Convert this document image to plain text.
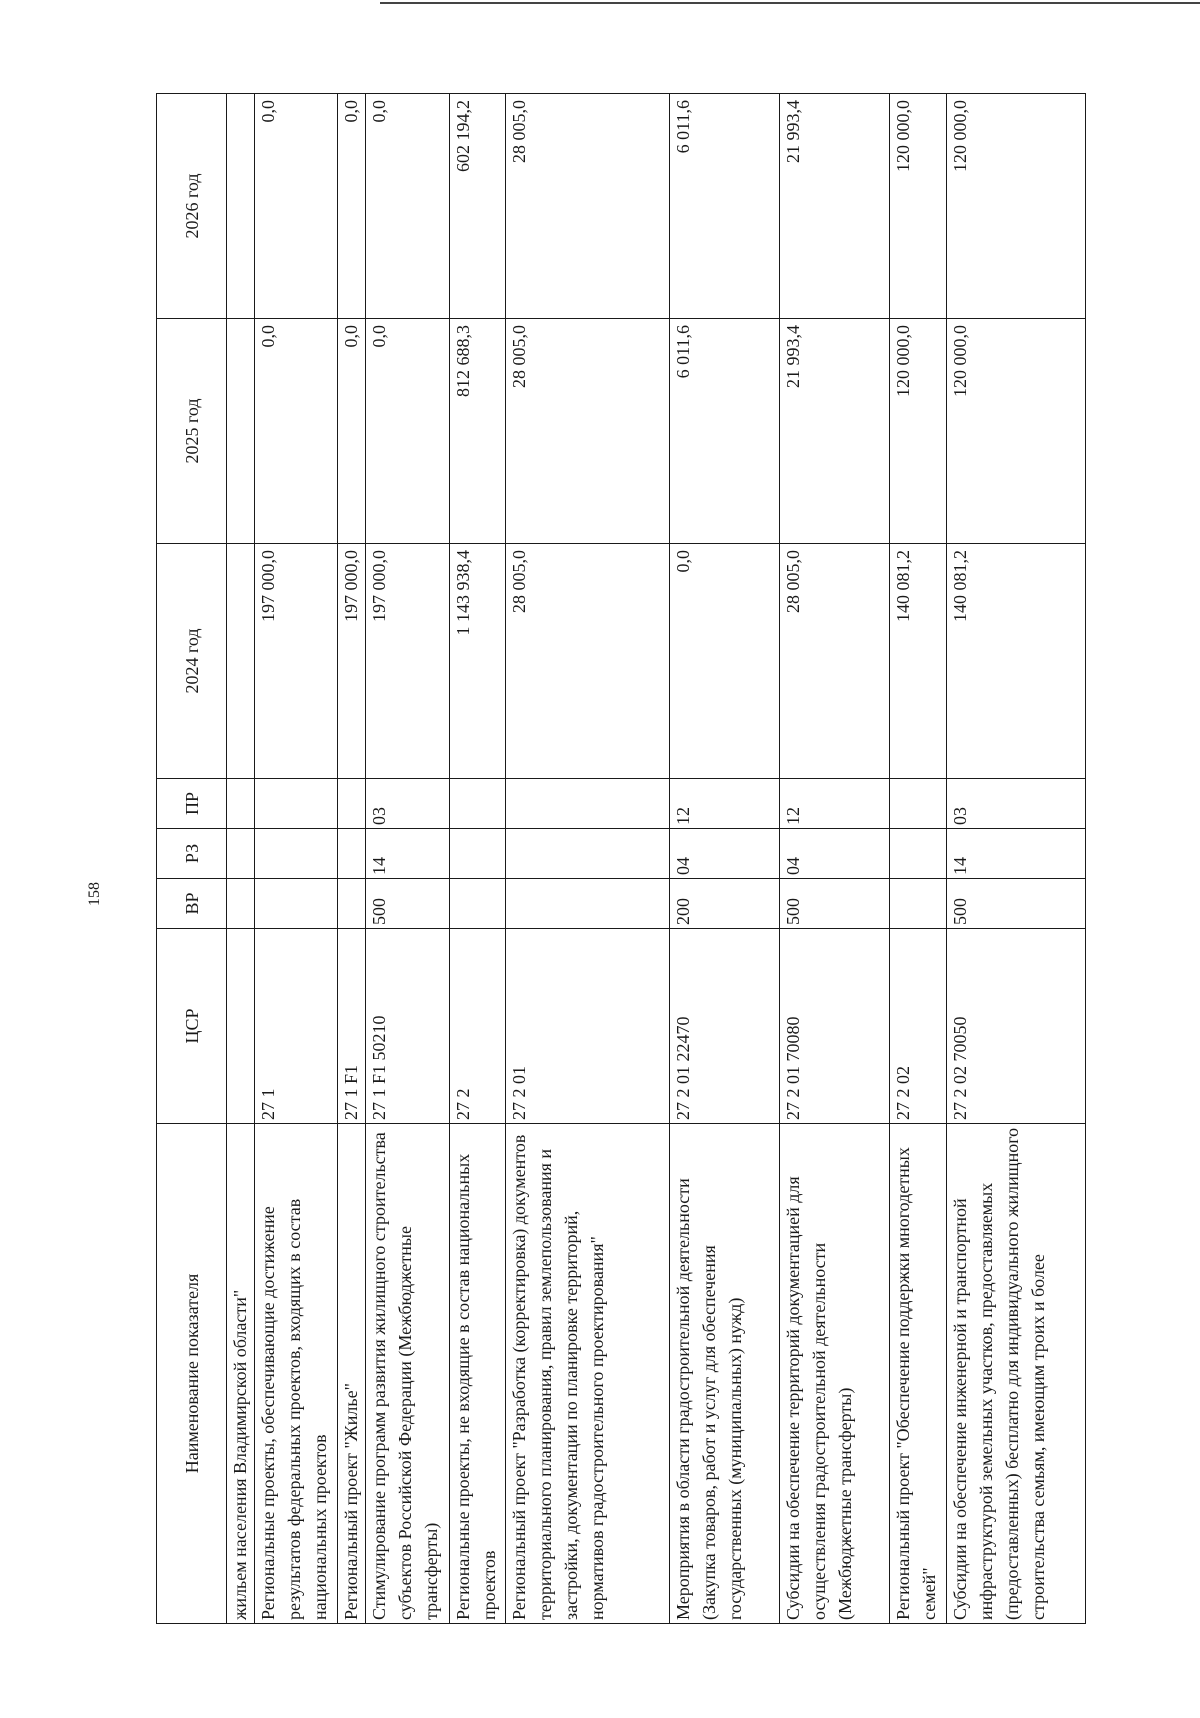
158
Наименование показателя	ЦСР	ВР	РЗ	ПР	2024 год	2025 год	2026 год
жильем населения Владимирской области"							
Региональные проекты, обеспечивающие достижение результатов федеральных проектов, входящих в состав национальных проектов	27 1				197 000,0	0,0	0,0
Региональный проект "Жилье"	27 1 F1				197 000,0	0,0	0,0
Стимулирование программ развития жилищного строительства субъектов Российской Федерации (Межбюджетные трансферты)	27 1 F1 50210	500	14	03	197 000,0	0,0	0,0
Региональные проекты, не входящие в состав национальных проектов	27 2				1 143 938,4	812 688,3	602 194,2
Региональный проект "Разработка (корректировка) документов территориального планирования, правил землепользования и застройки, документации по планировке территорий, нормативов градостроительного проектирования"	27 2 01				28 005,0	28 005,0	28 005,0
Мероприятия в области градостроительной деятельности (Закупка товаров, работ и услуг для обеспечения государственных (муниципальных) нужд)	27 2 01 22470	200	04	12	0,0	6 011,6	6 011,6
Субсидии на обеспечение территорий документацией для осуществления градостроительной деятельности (Межбюджетные трансферты)	27 2 01 70080	500	04	12	28 005,0	21 993,4	21 993,4
Региональный проект "Обеспечение поддержки многодетных семей"	27 2 02				140 081,2	120 000,0	120 000,0
Субсидии на обеспечение инженерной и транспортной инфраструктурой земельных участков, предоставляемых (предоставленных) бесплатно для индивидуального жилищного строительства семьям, имеющим троих и более	27 2 02 70050	500	14	03	140 081,2	120 000,0	120 000,0
